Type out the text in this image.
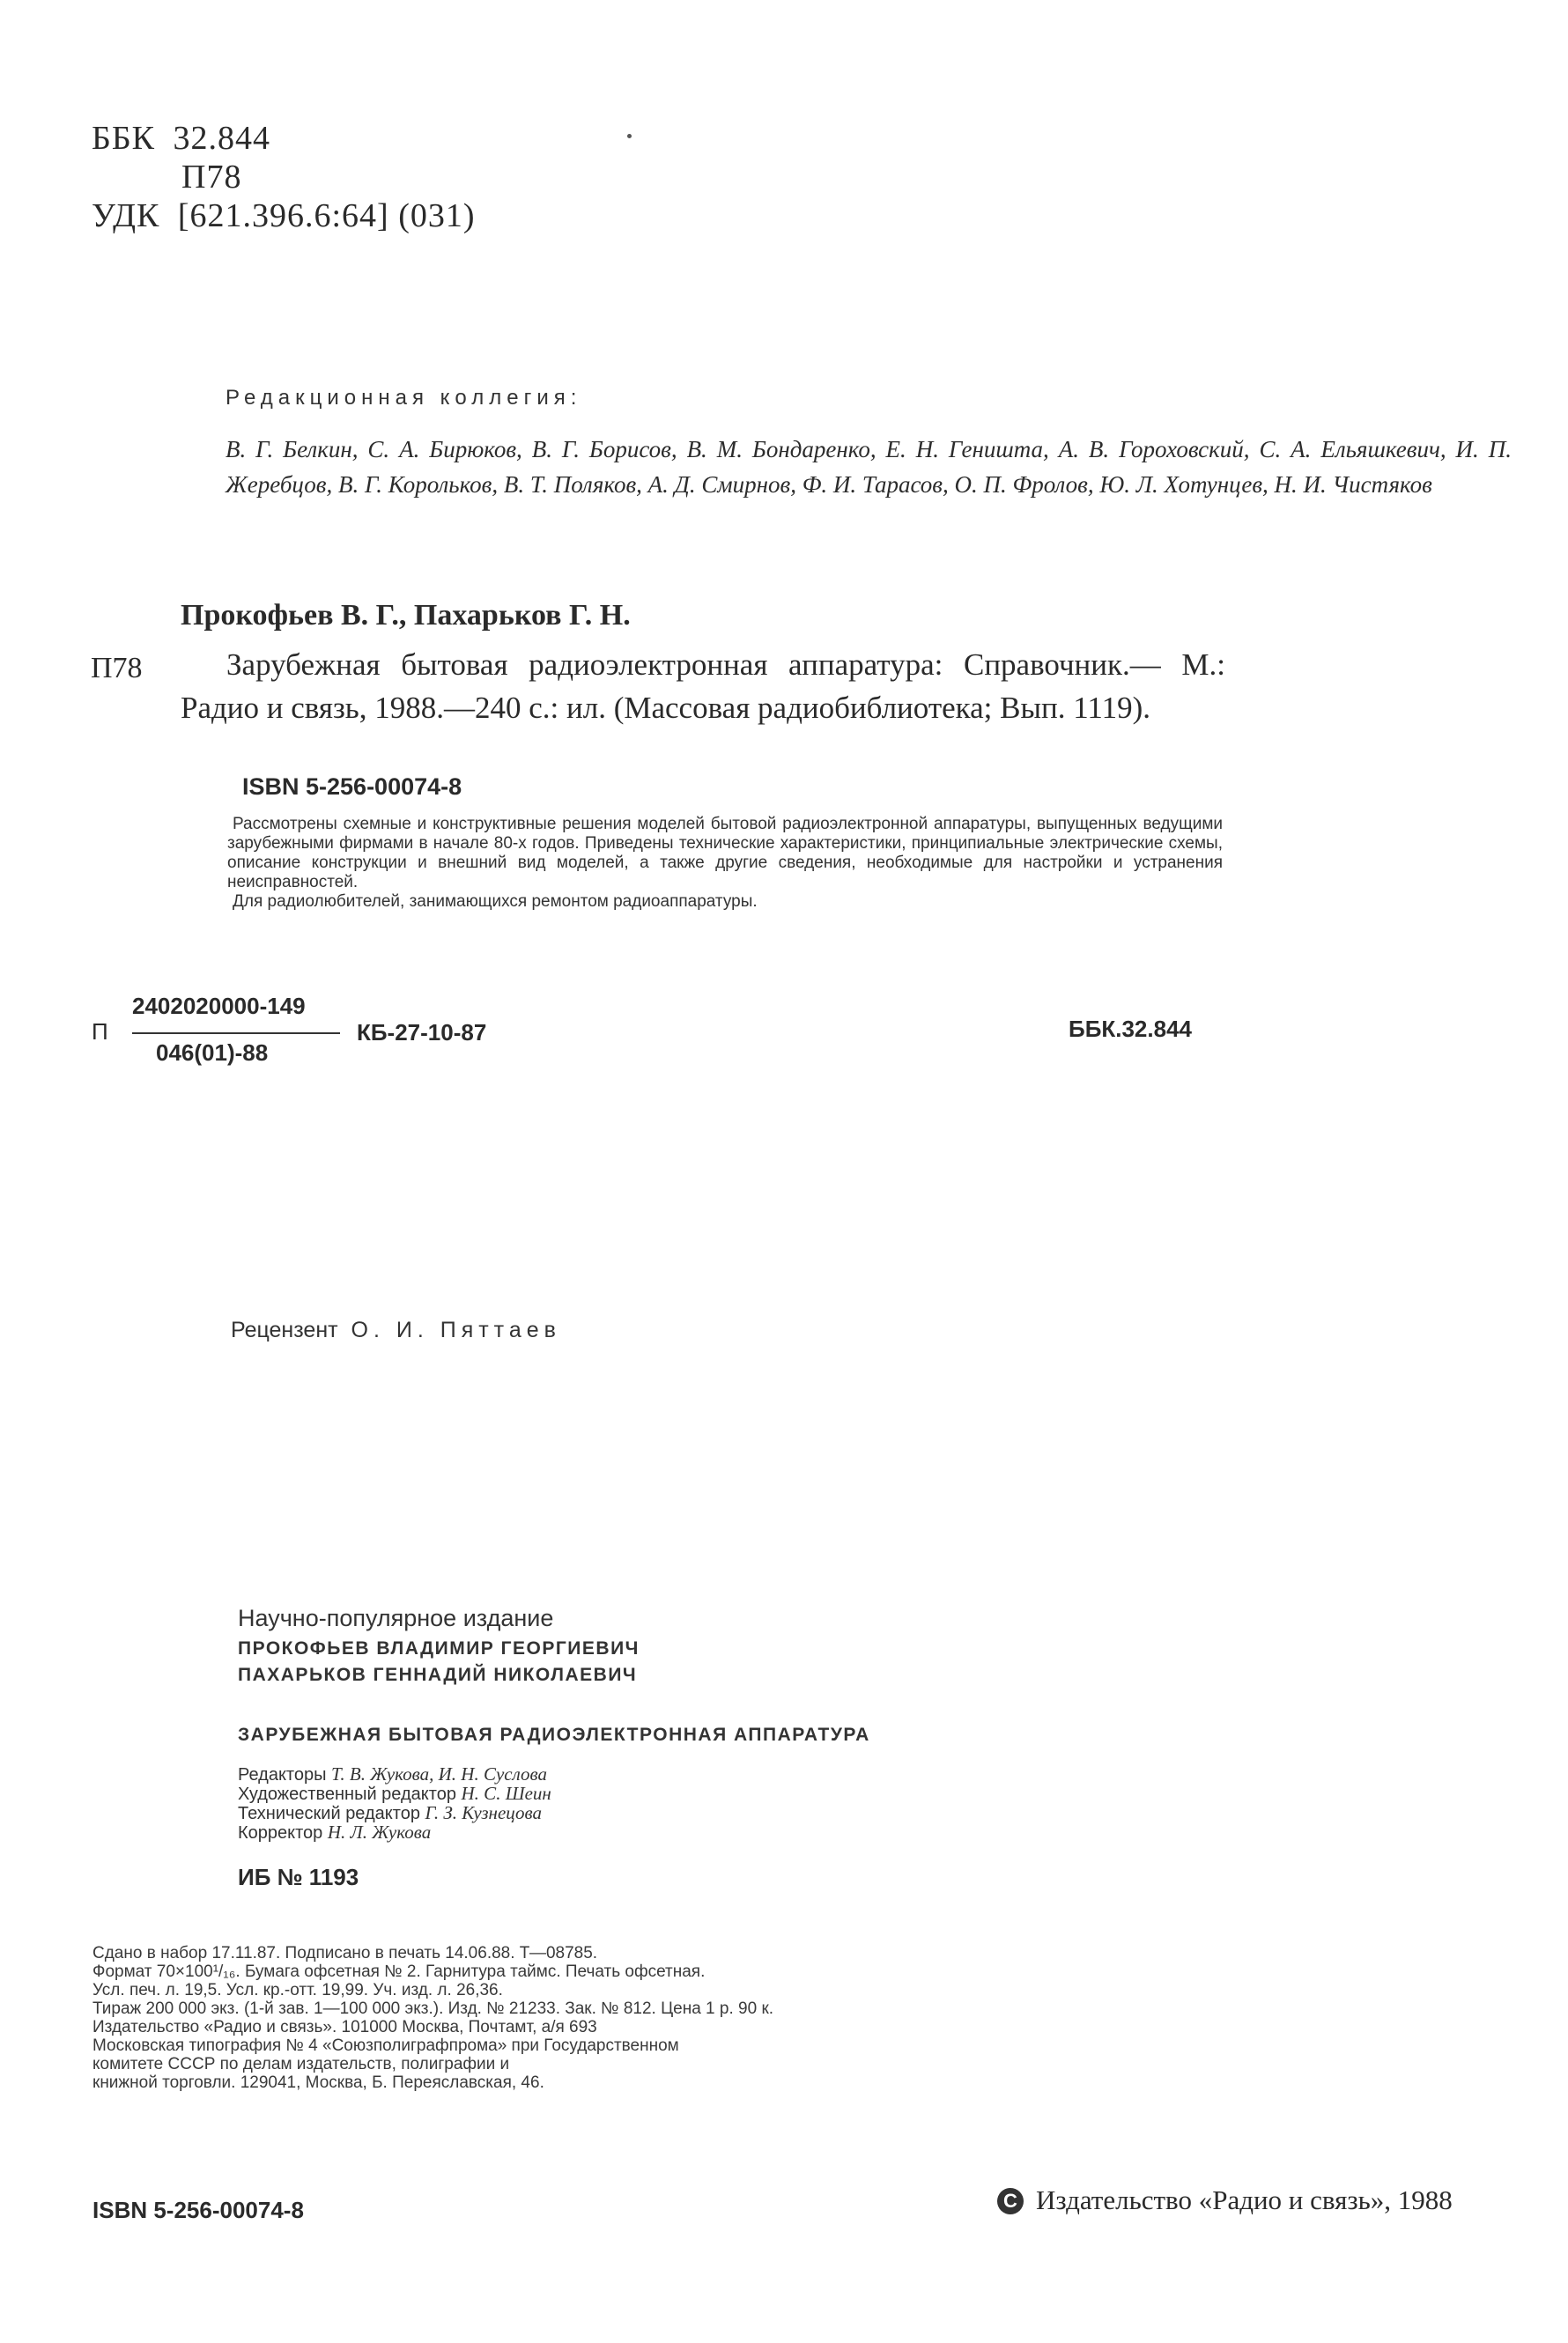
ББК 32.844
П78
УДК [621.396.6:64] (031)
Редакционная коллегия:
В. Г. Белкин, С. А. Бирюков, В. Г. Борисов, В. М. Бондаренко, Е. Н. Геништа, А. В. Гороховский, С. А. Ельяшкевич, И. П. Жеребцов, В. Г. Корольков, В. Т. Поляков, А. Д. Смирнов, Ф. И. Тарасов, О. П. Фролов, Ю. Л. Хотунцев, Н. И. Чистяков
Прокофьев В. Г., Пахарьков Г. Н.
П78	Зарубежная бытовая радиоэлектронная аппаратура: Справочник.— М.: Радио и связь, 1988.—240 с.: ил. (Массовая радиобиблиотека; Вып. 1119).
ISBN 5-256-00074-8

Рассмотрены схемные и конструктивные решения моделей бытовой радиоэлектронной аппаратуры, выпущенных ведущими зарубежными фирмами в начале 80-х годов. Приведены технические характеристики, принципиальные электрические схемы, описание конструкции и внешний вид моделей, а также другие сведения, необходимые для настройки и устранения неисправностей.

Для радиолюбителей, занимающихся ремонтом радиоаппаратуры.

2402020000-149
П
046(01)-88
КБ-27-10-87	ББК.32.844
Рецензент О. И. Пяттаев
Научно-популярное издание
ПРОКОФЬЕВ ВЛАДИМИР ГЕОРГИЕВИЧ
ПАХАРЬКОВ ГЕННАДИЙ НИКОЛАЕВИЧ
ЗАРУБЕЖНАЯ БЫТОВАЯ РАДИОЭЛЕКТРОННАЯ АППАРАТУРА
Редакторы Т. В. Жукова, И. Н. Суслова
Художественный редактор Н. С. Шеин
Технический редактор Г. З. Кузнецова
Корректор Н. Л. Жукова
ИБ № 1193
Сдано в набор 17.11.87. Подписано в печать 14.06.88. Т—08785.
Формат 70×100¹/₁₆. Бумага офсетная № 2. Гарнитура таймс. Печать офсетная.
Усл. печ. л. 19,5. Усл. кр.-отт. 19,99. Уч. изд. л. 26,36.
Тираж 200 000 экз. (1-й зав. 1—100 000 экз.). Изд. № 21233. Зак. № 812. Цена 1 р. 90 к.
Издательство «Радио и связь». 101000 Москва, Почтамт, а/я 693
Московская типография № 4 «Союзполиграфпрома» при Государственном
комитете СССР по делам издательств, полиграфии и
книжной торговли. 129041, Москва, Б. Переяславская, 46.
ISBN 5-256-00074-8	C Издательство «Радио и связь», 1988
